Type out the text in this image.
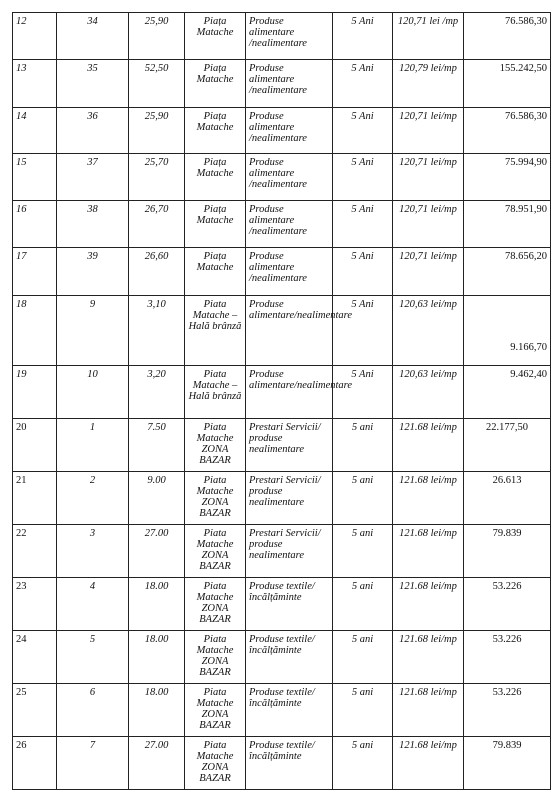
12	34	25,90	Piața Matache	Produse alimentare /nealimentare	5 Ani	120,71 lei /mp	76.586,30
13	35	52,50	Piața Matache	Produse alimentare /nealimentare	5 Ani	120,79 lei/mp	155.242,50
14	36	25,90	Piața Matache	Produse alimentare /nealimentare	5 Ani	120,71 lei/mp	76.586,30
15	37	25,70	Piața Matache	Produse alimentare /nealimentare	5 Ani	120,71 lei/mp	75.994,90
16	38	26,70	Piața Matache	Produse alimentare /nealimentare	5 Ani	120,71 lei/mp	78.951,90
17	39	26,60	Piața Matache	Produse alimentare /nealimentare	5 Ani	120,71 lei/mp	78.656,20
18	9	3,10	Piata Matache – Hală brânză	Produse alimentare/nealimentare	5 Ani	120,63 lei/mp	9.166,70
19	10	3,20	Piata Matache – Hală brânză	Produse alimentare/nealimentare	5 Ani	120,63 lei/mp	9.462,40
20	1	7.50	Piata Matache ZONA BAZAR	Prestari Servicii/ produse nealimentare	5 ani	121.68 lei/mp	22.177,50
21	2	9.00	Piata Matache ZONA BAZAR	Prestari Servicii/ produse nealimentare	5 ani	121.68 lei/mp	26.613
22	3	27.00	Piata Matache ZONA BAZAR	Prestari Servicii/ produse nealimentare	5 ani	121.68 lei/mp	79.839
23	4	18.00	Piata Matache ZONA BAZAR	Produse textile/încălțăminte	5 ani	121.68 lei/mp	53.226
24	5	18.00	Piata Matache ZONA BAZAR	Produse textile/încălțăminte	5 ani	121.68 lei/mp	53.226
25	6	18.00	Piata Matache ZONA BAZAR	Produse textile/încălțăminte	5 ani	121.68 lei/mp	53.226
26	7	27.00	Piata Matache ZONA BAZAR	Produse textile/încălțăminte	5 ani	121.68 lei/mp	79.839
